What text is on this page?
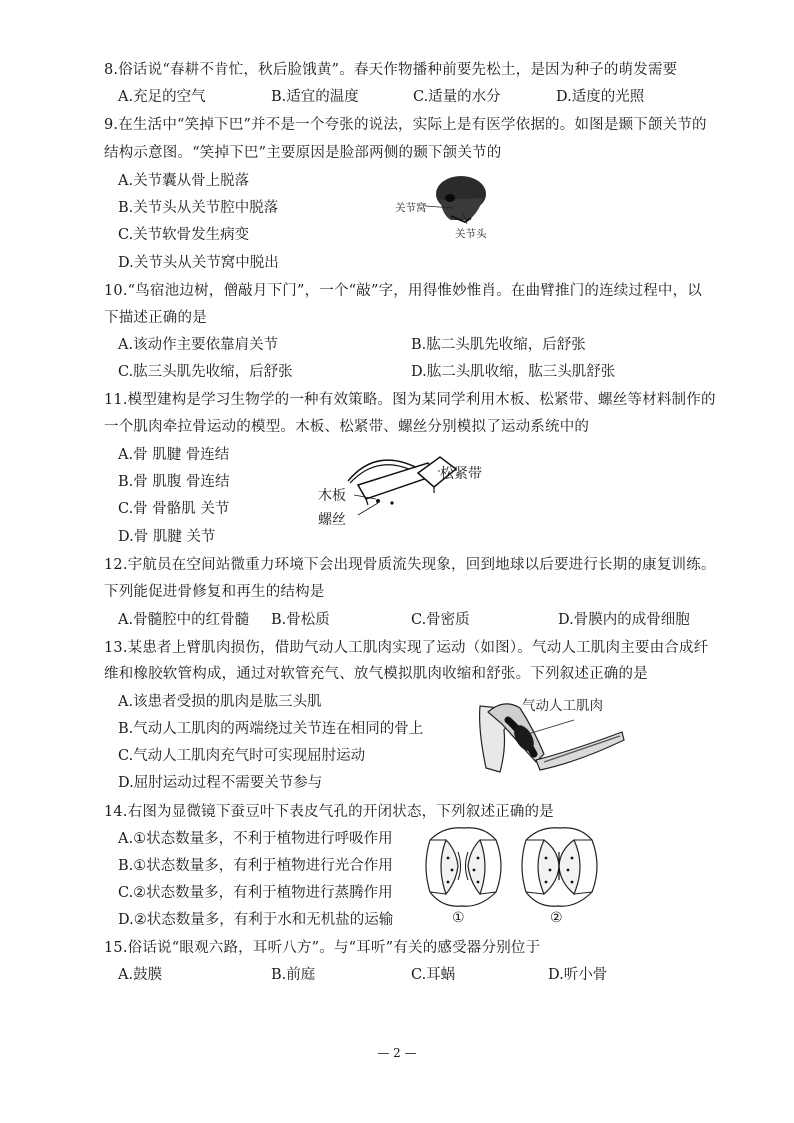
8.俗话说“春耕不肯忙，秋后脸饿黄”。春天作物播种前要先松土，是因为种子的萌发需要
A.充足的空气	B.适宜的温度	C.适量的水分	D.适度的光照
9.在生活中“笑掉下巴”并不是一个夸张的说法，实际上是有医学依据的。如图是颞下颌关节的
结构示意图。“笑掉下巴”主要原因是脸部两侧的颞下颌关节的
A.关节囊从骨上脱落
B.关节头从关节腔中脱落
C.关节软骨发生病变
D.关节头从关节窝中脱出
关节窝
关节头
10.“鸟宿池边树，僧敲月下门”，一个“敲”字，用得惟妙惟肖。在曲臂推门的连续过程中，以
下描述正确的是
A.该动作主要依靠肩关节	B.肱二头肌先收缩，后舒张
C.肱三头肌先收缩，后舒张	D.肱二头肌收缩，肱三头肌舒张
11.模型建构是学习生物学的一种有效策略。图为某同学利用木板、松紧带、螺丝等材料制作的
一个肌肉牵拉骨运动的模型。木板、松紧带、螺丝分别模拟了运动系统中的
A.骨 肌腱 骨连结
B.骨 肌腹 骨连结
C.骨 骨骼肌 关节
D.骨 肌腱 关节
松紧带
木板
螺丝
12.宇航员在空间站微重力环境下会出现骨质流失现象，回到地球以后要进行长期的康复训练。
下列能促进骨修复和再生的结构是
A.骨髓腔中的红骨髓 B.骨松质	C.骨密质	D.骨膜内的成骨细胞
13.某患者上臂肌肉损伤，借助气动人工肌肉实现了运动（如图）。气动人工肌肉主要由合成纤
维和橡胶软管构成，通过对软管充气、放气模拟肌肉收缩和舒张。下列叙述正确的是
A.该患者受损的肌肉是肱三头肌
B.气动人工肌肉的两端绕过关节连在相同的骨上
C.气动人工肌肉充气时可实现屈肘运动
D.屈肘运动过程不需要关节参与
气动人工肌肉
14.右图为显微镜下蚕豆叶下表皮气孔的开闭状态，下列叙述正确的是
A.①状态数量多，不利于植物进行呼吸作用
B.①状态数量多，有利于植物进行光合作用
C.②状态数量多，有利于植物进行蒸腾作用
D.②状态数量多，有利于水和无机盐的运输	①	②
15.俗话说“眼观六路，耳听八方”。与“耳听”有关的感受器分别位于
A.鼓膜	B.前庭	C.耳蜗	D.听小骨
— 2 —
